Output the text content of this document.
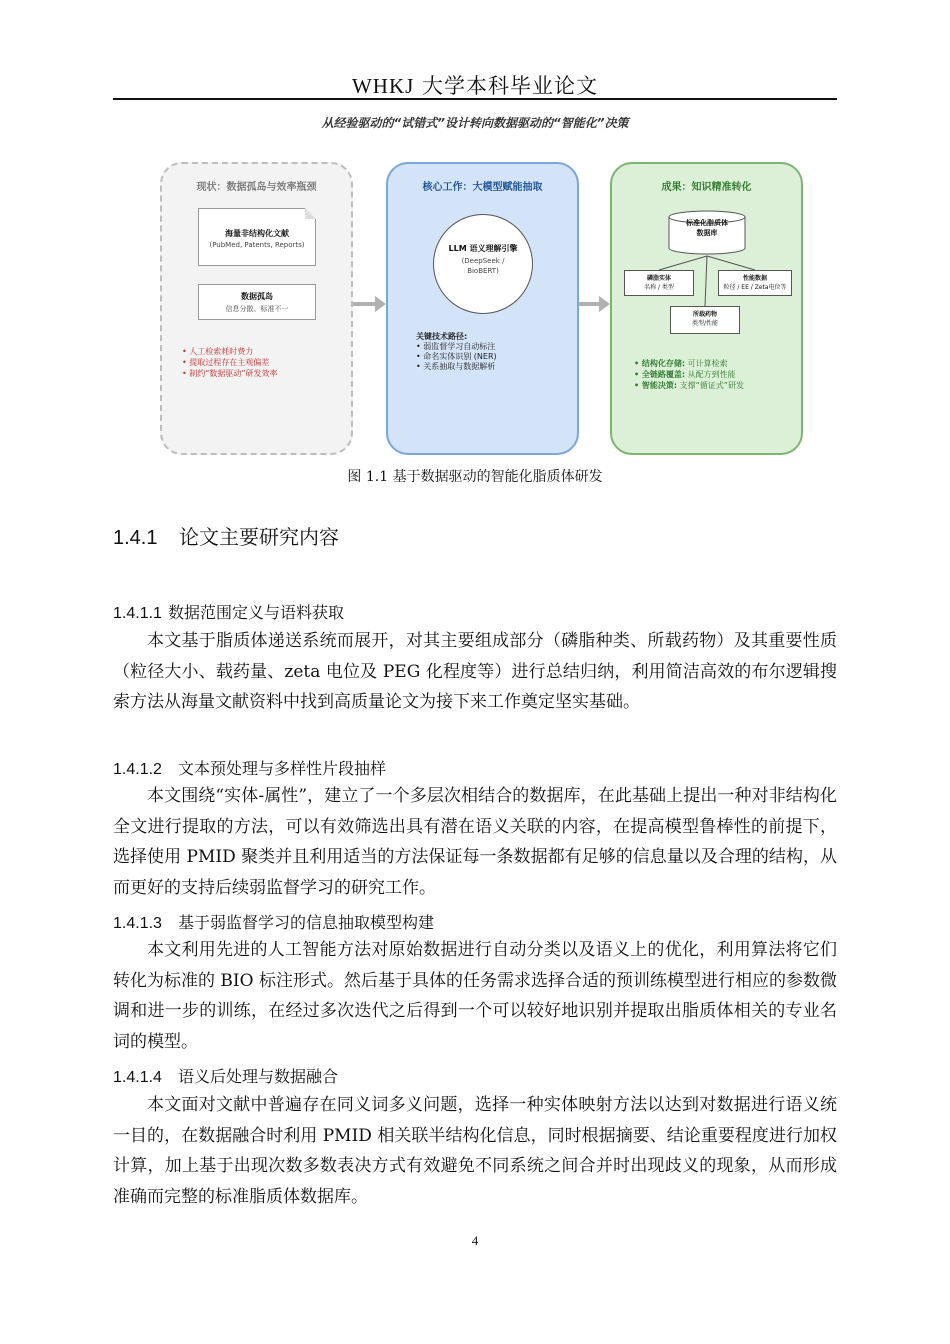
WHKJ 大学本科毕业论文
从经验驱动的“试错式”设计转向数据驱动的“智能化”决策
现状：数据孤岛与效率瓶颈
海量非结构化文献
(PubMed, Patents, Reports)
数据孤岛
信息分散、标准不一
• 人工检索耗时费力
• 提取过程存在主观偏差
• 制约“数据驱动”研发效率
核心工作：大模型赋能抽取
LLM 语义理解引擎
(DeepSeek /
BioBERT)
关键技术路径:
• 弱监督学习自动标注
• 命名实体识别 (NER)
• 关系抽取与数据解析
成果：知识精准转化
标准化脂质体
数据库
磷脂实体
名称 / 类型
性能数据
粒径 / EE / Zeta电位等
所载药物
类型/性能
• 结构化存储: 可计算检索
• 全链路覆盖: 从配方到性能
• 智能决策: 支撑“循证式”研发
图 1.1 基于数据驱动的智能化脂质体研发
1.4.1 论文主要研究内容
1.4.1.1 数据范围定义与语料获取
本文基于脂质体递送系统而展开，对其主要组成部分（磷脂种类、所载药物）及其重要性质（粒径大小、载药量、zeta 电位及 PEG 化程度等）进行总结归纳，利用简洁高效的布尔逻辑搜索方法从海量文献资料中找到高质量论文为接下来工作奠定坚实基础。
1.4.1.2 文本预处理与多样性片段抽样
本文围绕“实体-属性”，建立了一个多层次相结合的数据库，在此基础上提出一种对非结构化全文进行提取的方法，可以有效筛选出具有潜在语义关联的内容，在提高模型鲁棒性的前提下，选择使用 PMID 聚类并且利用适当的方法保证每一条数据都有足够的信息量以及合理的结构，从而更好的支持后续弱监督学习的研究工作。
1.4.1.3 基于弱监督学习的信息抽取模型构建
本文利用先进的人工智能方法对原始数据进行自动分类以及语义上的优化，利用算法将它们转化为标准的 BIO 标注形式。然后基于具体的任务需求选择合适的预训练模型进行相应的参数微调和进一步的训练，在经过多次迭代之后得到一个可以较好地识别并提取出脂质体相关的专业名词的模型。
1.4.1.4 语义后处理与数据融合
本文面对文献中普遍存在同义词多义问题，选择一种实体映射方法以达到对数据进行语义统一目的，在数据融合时利用 PMID 相关联半结构化信息，同时根据摘要、结论重要程度进行加权计算，加上基于出现次数多数表决方式有效避免不同系统之间合并时出现歧义的现象，从而形成准确而完整的标准脂质体数据库。
4
